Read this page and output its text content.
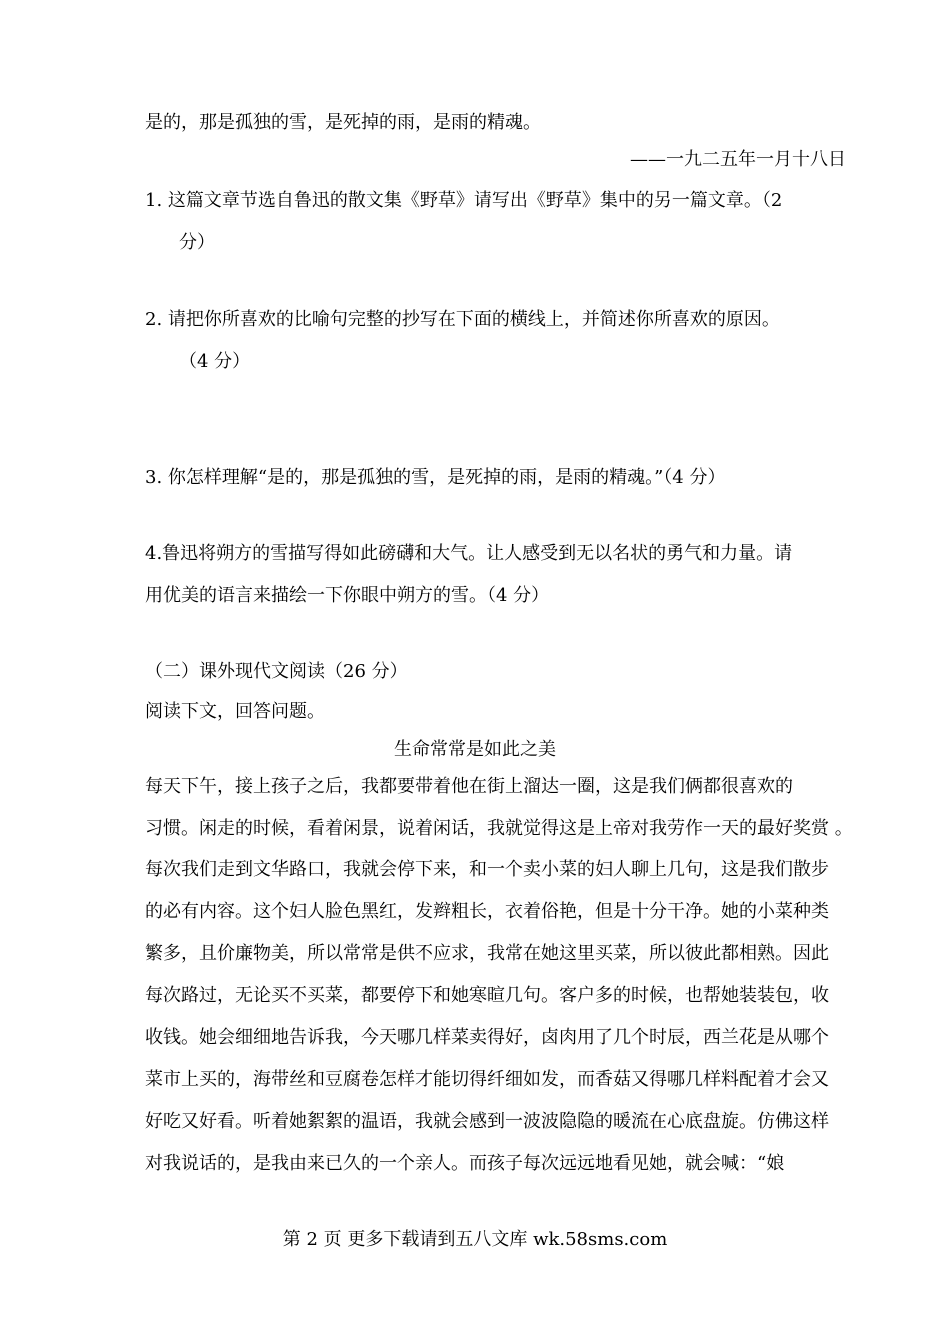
是的，那是孤独的雪，是死掉的雨，是雨的精魂。
——一九二五年一月十八日
1. 这篇文章节选自鲁迅的散文集《野草》请写出《野草》集中的另一篇文章。（2
分）
2. 请把你所喜欢的比喻句完整的抄写在下面的横线上，并简述你所喜欢的原因。
（4 分）
3. 你怎样理解“是的，那是孤独的雪，是死掉的雨，是雨的精魂。”（4 分）
4.鲁迅将朔方的雪描写得如此磅礴和大气。让人感受到无以名状的勇气和力量。请
用优美的语言来描绘一下你眼中朔方的雪。（4 分）
（二）课外现代文阅读（26 分）
阅读下文，回答问题。
生命常常是如此之美
每天下午，接上孩子之后，我都要带着他在街上溜达一圈，这是我们俩都很喜欢的
习惯。闲走的时候，看着闲景，说着闲话，我就觉得这是上帝对我劳作一天的最好奖赏 。
每次我们走到文华路口，我就会停下来，和一个卖小菜的妇人聊上几句，这是我们散步
的必有内容。这个妇人脸色黑红，发辫粗长，衣着俗艳，但是十分干净。她的小菜种类
繁多，且价廉物美，所以常常是供不应求，我常在她这里买菜，所以彼此都相熟。因此
每次路过，无论买不买菜，都要停下和她寒暄几句。客户多的时候，也帮她装装包，收
收钱。她会细细地告诉我，今天哪几样菜卖得好，卤肉用了几个时辰，西兰花是从哪个
菜市上买的，海带丝和豆腐卷怎样才能切得纤细如发，而香菇又得哪几样料配着才会又
好吃又好看。听着她絮絮的温语，我就会感到一波波隐隐的暖流在心底盘旋。仿佛这样
对我说话的，是我由来已久的一个亲人。而孩子每次远远地看见她，就会喊：“娘
第 2 页 更多下载请到五八文库 wk.58sms.com
